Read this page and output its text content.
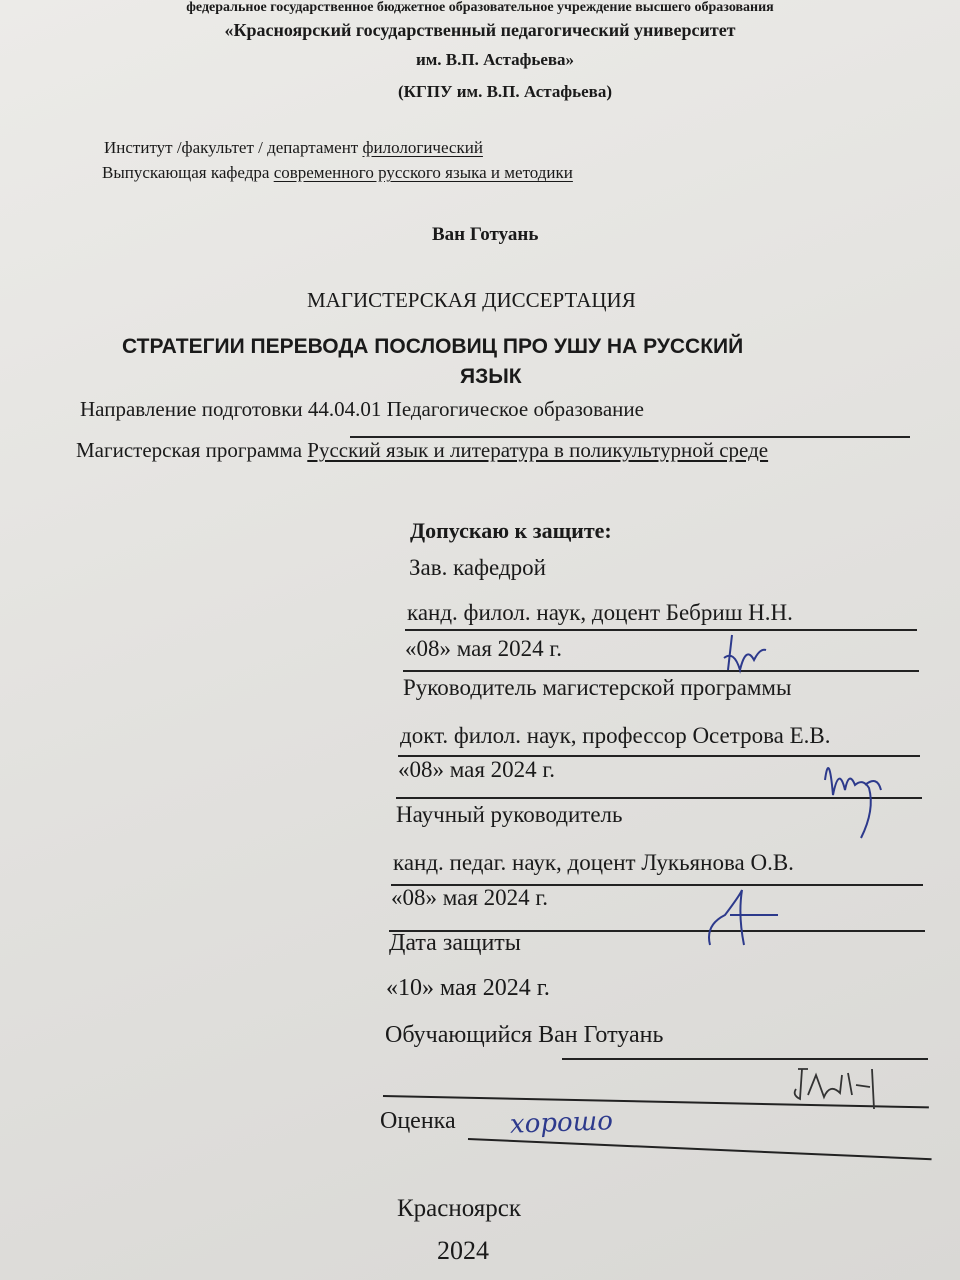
федеральное государственное бюджетное образовательное учреждение высшего образования
«Красноярский государственный педагогический университет
им. В.П. Астафьева»
(КГПУ им. В.П. Астафьева)
Институт /факультет / департамент филологический
Выпускающая кафедра современного русского языка и методики
Ван Готуань
МАГИСТЕРСКАЯ ДИССЕРТАЦИЯ
СТРАТЕГИИ ПЕРЕВОДА ПОСЛОВИЦ ПРО УШУ НА РУССКИЙ
ЯЗЫК
Направление подготовки 44.04.01 Педагогическое образование
Магистерская программа Русский язык и литература в поликультурной среде
Допускаю к защите:
Зав. кафедрой
канд. филол. наук, доцент Бебриш Н.Н.
«08» мая 2024 г.
Руководитель магистерской программы
докт. филол. наук, профессор Осетрова Е.В.
«08» мая 2024 г.
Научный руководитель
канд. педаг. наук, доцент Лукьянова О.В.
«08» мая 2024 г.
Дата защиты
«10» мая 2024 г.
Обучающийся Ван Готуань
Оценка хорошо
Красноярск
2024
